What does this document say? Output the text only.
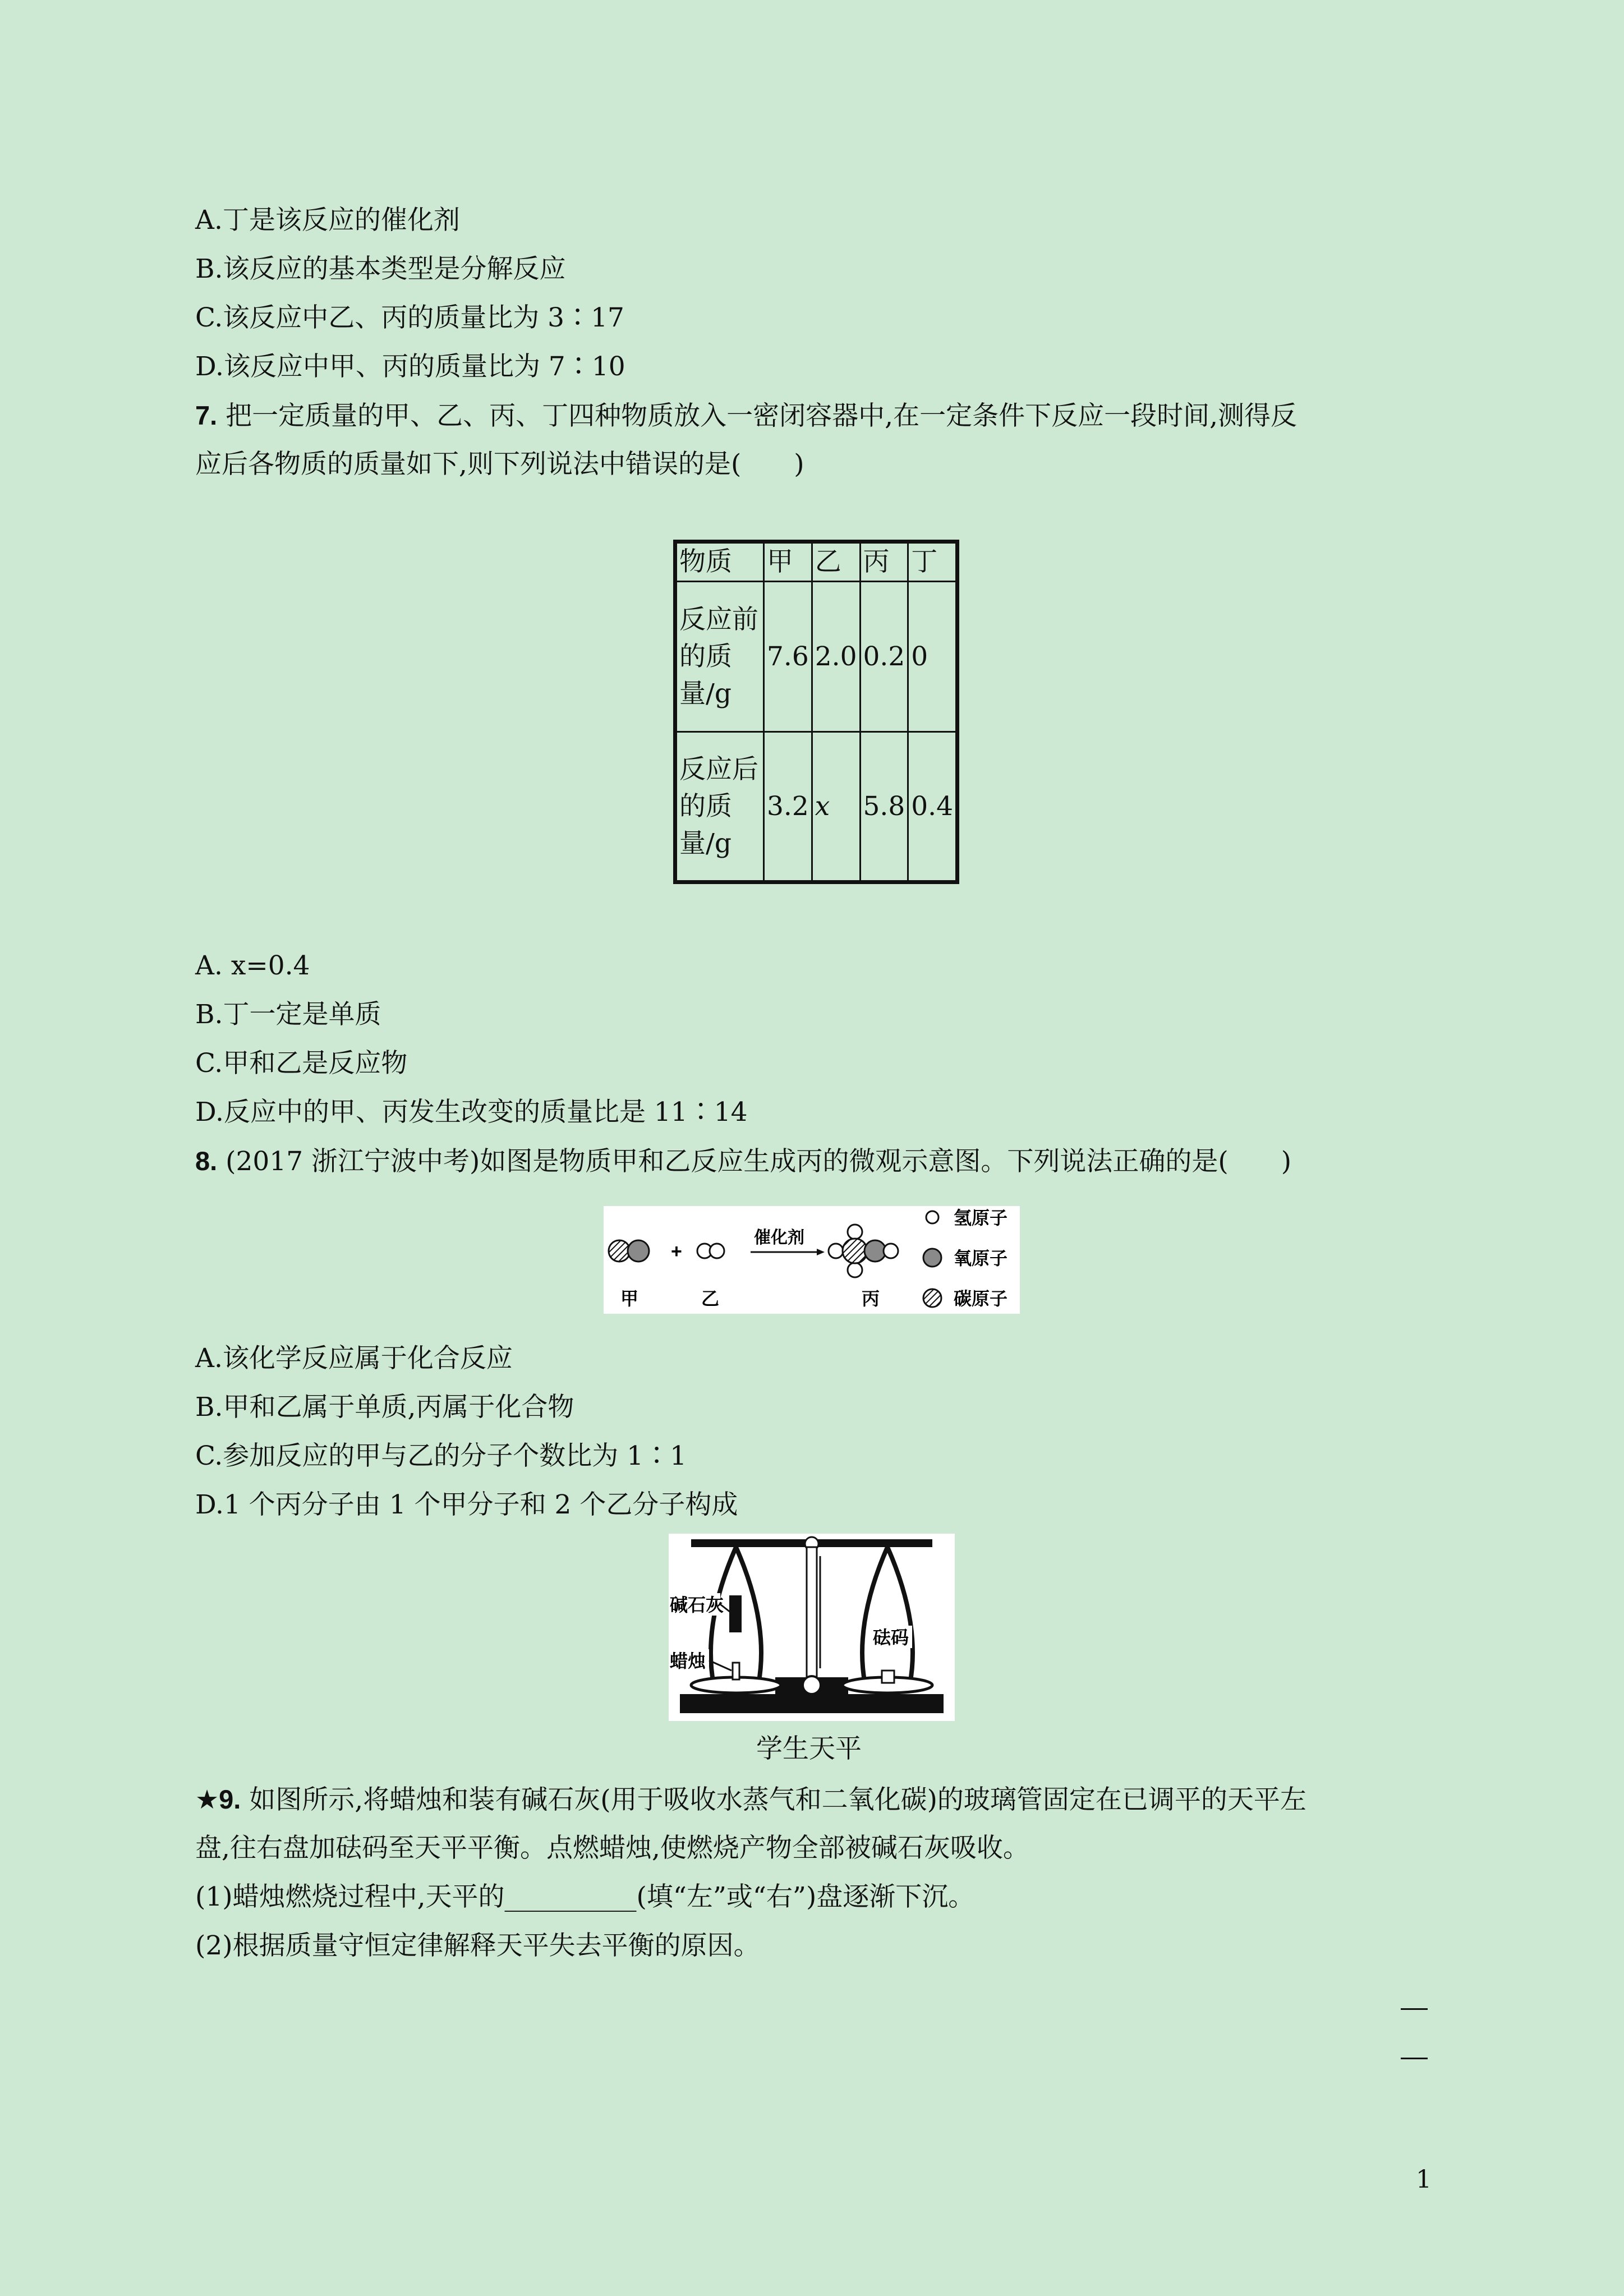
A.丁是该反应的催化剂
B.该反应的基本类型是分解反应
C.该反应中乙、丙的质量比为 3∶17
D.该反应中甲、丙的质量比为 7∶10
7. 把一定质量的甲、乙、丙、丁四种物质放入一密闭容器中,在一定条件下反应一段时间,测得反
应后各物质的质量如下,则下列说法中错误的是(　　)
物质	甲	乙	丙	丁
反应前的质量/g	7.6	2.0	0.2	0
反应后的质量/g	3.2	x	5.8	0.4
A. x=0.4
B.丁一定是单质
C.甲和乙是反应物
D.反应中的甲、丙发生改变的质量比是 11∶14
8. (2017 浙江宁波中考)如图是物质甲和乙反应生成丙的微观示意图。下列说法正确的是(　　)
+
催化剂
甲	乙	丙
氢原子
氧原子
碳原子
A.该化学反应属于化合反应
B.甲和乙属于单质,丙属于化合物
C.参加反应的甲与乙的分子个数比为 1∶1
D.1 个丙分子由 1 个甲分子和 2 个乙分子构成
碱石灰
蜡烛
砝码
学生天平
★9. 如图所示,将蜡烛和装有碱石灰(用于吸收水蒸气和二氧化碳)的玻璃管固定在已调平的天平左
盘,往右盘加砝码至天平平衡。点燃蜡烛,使燃烧产物全部被碱石灰吸收。
(1)蜡烛燃烧过程中,天平的__________(填“左”或“右”)盘逐渐下沉。
(2)根据质量守恒定律解释天平失去平衡的原因。
1
